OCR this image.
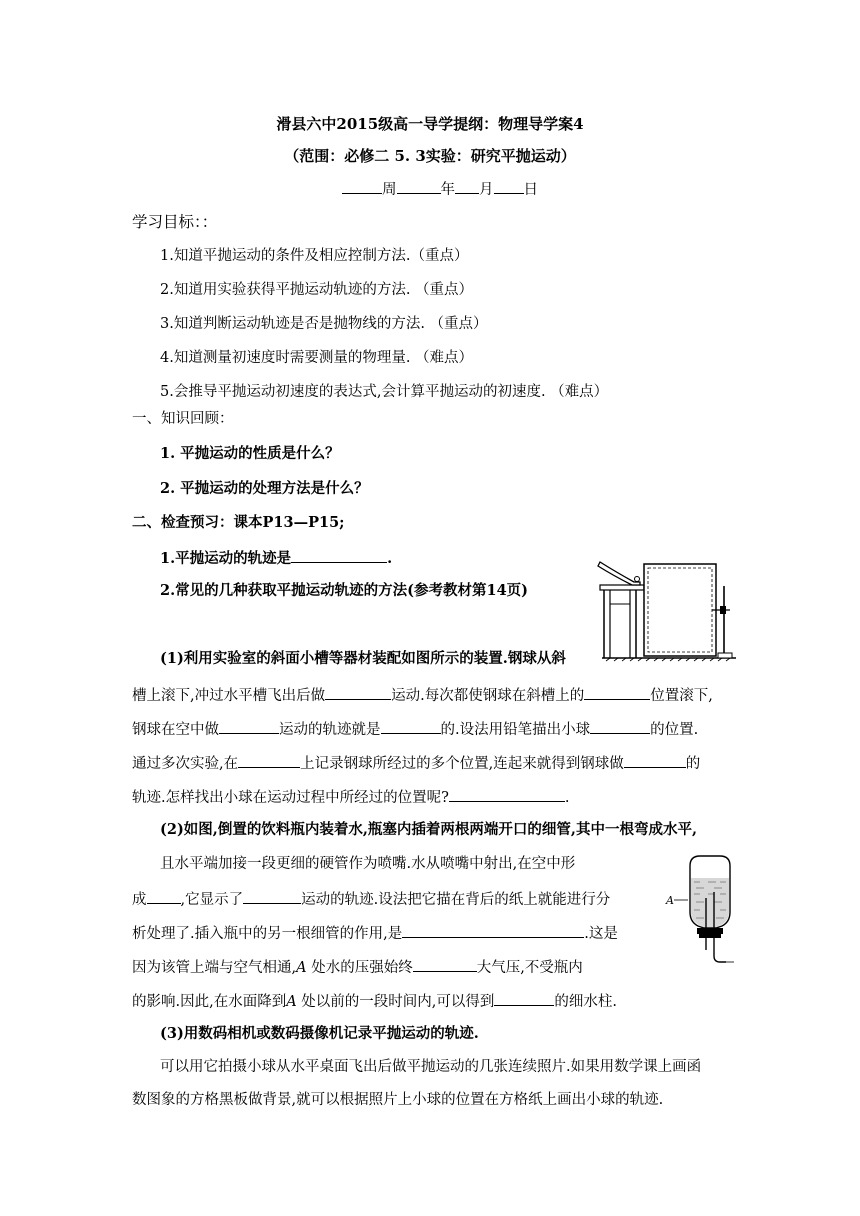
滑县六中2015级高一导学提纲：物理导学案4
（范围：必修二 5. 3实验：研究平抛运动）
周	年 月 日
学习目标：：
1.知道平抛运动的条件及相应控制方法.（重点）
2.知道用实验获得平抛运动轨迹的方法. （重点）
3.知道判断运动轨迹是否是抛物线的方法. （重点）
4.知道测量初速度时需要测量的物理量. （难点）
5.会推导平抛运动初速度的表达式,会计算平抛运动的初速度. （难点）
一、知识回顾：
1. 平抛运动的性质是什么？
2. 平抛运动的处理方法是什么？
二、检查预习：课本P13—P15;
1.平抛运动的轨迹是	.
2.常见的几种获取平抛运动轨迹的方法(参考教材第14页)
(1)利用实验室的斜面小槽等器材装配如图所示的装置.钢球从斜
槽上滚下,冲过水平槽飞出后做	运动.每次都使钢球在斜槽上的	位置滚下,
钢球在空中做	运动的轨迹就是	的.设法用铅笔描出小球	的位置.
通过多次实验,在	上记录钢球所经过的多个位置,连起来就得到钢球做	的
轨迹.怎样找出小球在运动过程中所经过的位置呢?	.
(2)如图,倒置的饮料瓶内装着水,瓶塞内插着两根两端开口的细管,其中一根弯成水平,
且水平端加接一段更细的硬管作为喷嘴.水从喷嘴中射出,在空中形
成 ,它显示了	运动的轨迹.设法把它描在背后的纸上就能进行分
析处理了.插入瓶中的另一根细管的作用,是	.这是
因为该管上端与空气相通,A 处水的压强始终	大气压,不受瓶内
的影响.因此,在水面降到A 处以前的一段时间内,可以得到	的细水柱.
A
(3)用数码相机或数码摄像机记录平抛运动的轨迹.
可以用它拍摄小球从水平桌面飞出后做平抛运动的几张连续照片.如果用数学课上画函
数图象的方格黑板做背景,就可以根据照片上小球的位置在方格纸上画出小球的轨迹.
